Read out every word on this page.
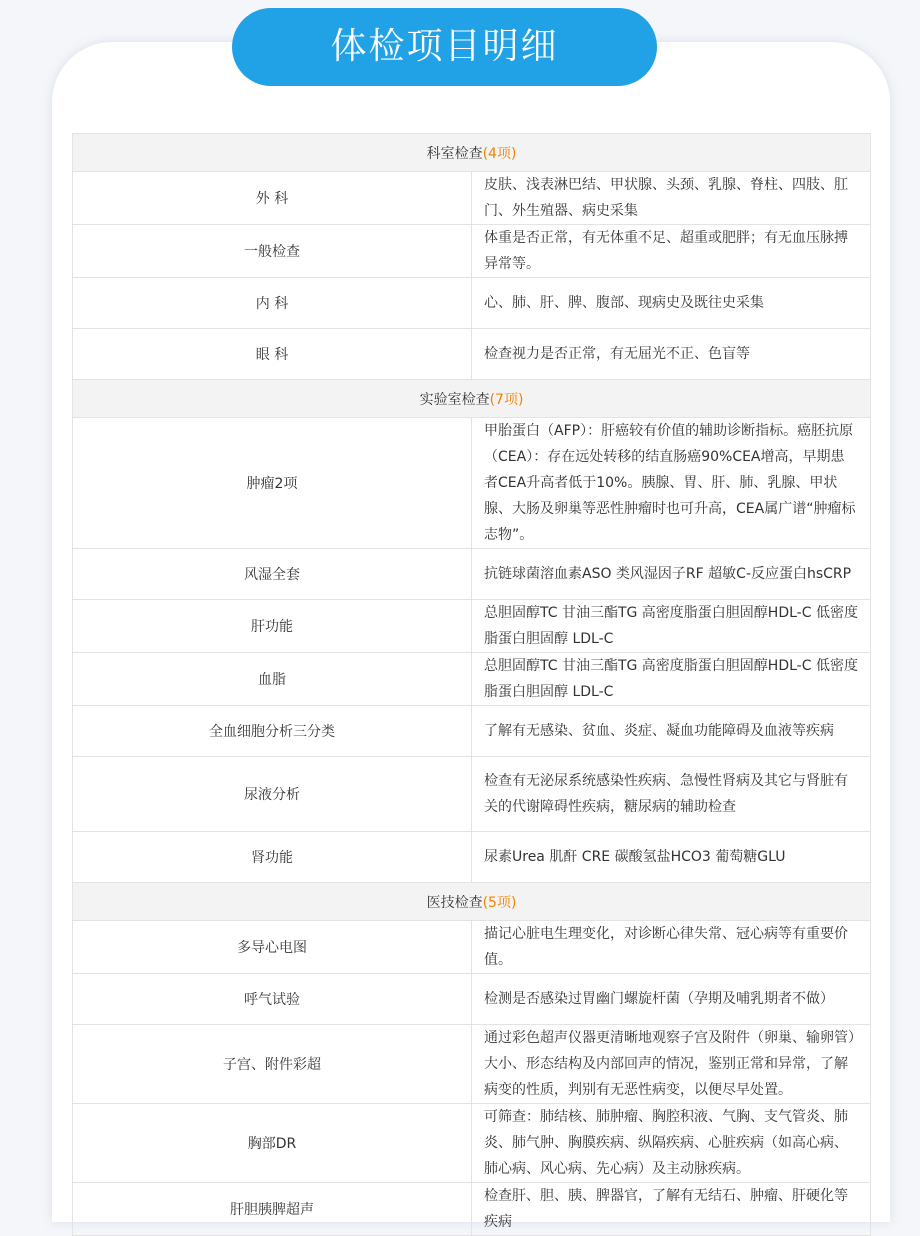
体检项目明细
科室检查(4项)	
外 科	皮肤、浅表淋巴结、甲状腺、头颈、乳腺、脊柱、四肢、肛门、外生殖器、病史采集
一般检查	体重是否正常，有无体重不足、超重或肥胖；有无血压脉搏异常等。
内 科	心、肺、肝、脾、腹部、现病史及既往史采集
眼 科	检查视力是否正常，有无屈光不正、色盲等
实验室检查(7项)	
肿瘤2项	甲胎蛋白（AFP）：肝癌较有价值的辅助诊断指标。癌胚抗原（CEA）：存在远处转移的结直肠癌90%CEA增高，早期患者CEA升高者低于10%。胰腺、胃、肝、肺、乳腺、甲状腺、大肠及卵巢等恶性肿瘤时也可升高，CEA属广谱“肿瘤标志物”。
风湿全套	抗链球菌溶血素ASO 类风湿因子RF 超敏C-反应蛋白hsCRP
肝功能	总胆固醇TC 甘油三酯TG 高密度脂蛋白胆固醇HDL-C 低密度脂蛋白胆固醇 LDL-C
血脂	总胆固醇TC 甘油三酯TG 高密度脂蛋白胆固醇HDL-C 低密度脂蛋白胆固醇 LDL-C
全血细胞分析三分类	了解有无感染、贫血、炎症、凝血功能障碍及血液等疾病
尿液分析	检查有无泌尿系统感染性疾病、急慢性肾病及其它与肾脏有关的代谢障碍性疾病，糖尿病的辅助检查
肾功能	尿素Urea 肌酐 CRE 碳酸氢盐HCO3 葡萄糖GLU
医技检查(5项)	
多导心电图	描记心脏电生理变化，对诊断心律失常、冠心病等有重要价值。
呼气试验	检测是否感染过胃幽门螺旋杆菌（孕期及哺乳期者不做）
子宫、附件彩超	通过彩色超声仪器更清晰地观察子宫及附件（卵巢、输卵管）大小、形态结构及内部回声的情况，鉴别正常和异常，了解病变的性质，判别有无恶性病变，以便尽早处置。
胸部DR	可筛查：肺结核、肺肿瘤、胸腔积液、气胸、支气管炎、肺炎、肺气肿、胸膜疾病、纵隔疾病、心脏疾病（如高心病、肺心病、风心病、先心病）及主动脉疾病。
肝胆胰脾超声	检查肝、胆、胰、脾器官，了解有无结石、肿瘤、肝硬化等疾病
